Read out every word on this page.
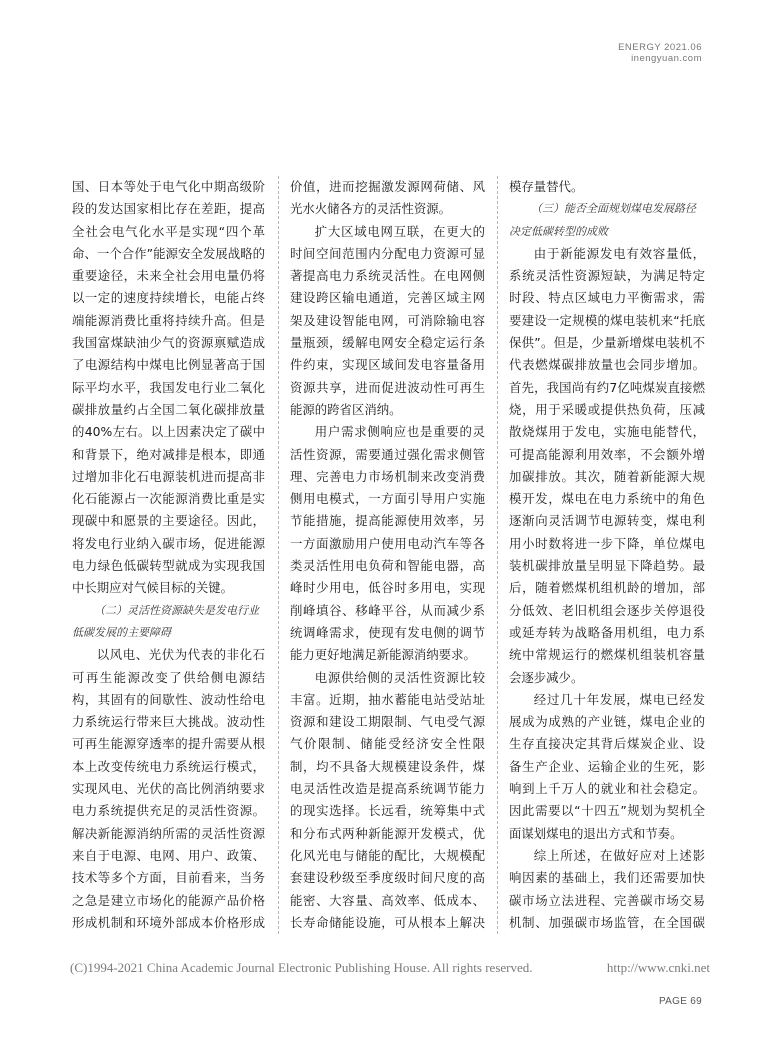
ENERGY 2021.06
inengyuan.com

国、日本等处于电气化中期高级阶段的发达国家相比存在差距，提高全社会电气化水平是实现“四个革命、一个合作”能源安全发展战略的重要途径，未来全社会用电量仍将以一定的速度持续增长，电能占终端能源消费比重将持续升高。但是我国富煤缺油少气的资源禀赋造成了电源结构中煤电比例显著高于国际平均水平，我国发电行业二氧化碳排放量约占全国二氧化碳排放量的40%左右。以上因素决定了碳中和背景下，绝对减排是根本，即通过增加非化石电源装机进而提高非化石能源占一次能源消费比重是实现碳中和愿景的主要途径。因此，将发电行业纳入碳市场，促进能源电力绿色低碳转型就成为实现我国中长期应对气候目标的关键。

（二）灵活性资源缺失是发电行业低碳发展的主要障碍

以风电、光伏为代表的非化石可再生能源改变了供给侧电源结构，其固有的间歇性、波动性给电力系统运行带来巨大挑战。波动性可再生能源穿透率的提升需要从根本上改变传统电力系统运行模式，实现风电、光伏的高比例消纳要求电力系统提供充足的灵活性资源。解决新能源消纳所需的灵活性资源来自于电源、电网、用户、政策、技术等多个方面，目前看来，当务之急是建立市场化的能源产品价格形成机制和环境外部成本价格形成

价值，进而挖掘激发源网荷储、风光水火储各方的灵活性资源。

扩大区域电网互联，在更大的时间空间范围内分配电力资源可显著提高电力系统灵活性。在电网侧建设跨区输电通道，完善区域主网架及建设智能电网，可消除输电容量瓶颈，缓解电网安全稳定运行条件约束，实现区域间发电容量备用资源共享，进而促进波动性可再生能源的跨省区消纳。

用户需求侧响应也是重要的灵活性资源，需要通过强化需求侧管理、完善电力市场机制来改变消费侧用电模式，一方面引导用户实施节能措施，提高能源使用效率，另一方面激励用户使用电动汽车等各类灵活性用电负荷和智能电器，高峰时少用电，低谷时多用电，实现削峰填谷、移峰平谷，从而减少系统调峰需求，使现有发电侧的调节能力更好地满足新能源消纳要求。

电源供给侧的灵活性资源比较丰富。近期，抽水蓄能电站受站址资源和建设工期限制、气电受气源气价限制、储能受经济安全性限制，均不具备大规模建设条件，煤电灵活性改造是提高系统调节能力的现实选择。长远看，统筹集中式和分布式两种新能源开发模式，优化风光电与储能的配比，大规模配套建设秒级至季度级时间尺度的高能密、大容量、高效率、低成本、长寿命储能设施，可从根本上解决

模存量替代。

（三）能否全面规划煤电发展路径决定低碳转型的成败

由于新能源发电有效容量低，系统灵活性资源短缺，为满足特定时段、特点区域电力平衡需求，需要建设一定规模的煤电装机来“托底保供”。但是，少量新增煤电装机不代表燃煤碳排放量也会同步增加。首先，我国尚有约7亿吨煤炭直接燃烧，用于采暖或提供热负荷，压减散烧煤用于发电，实施电能替代，可提高能源利用效率，不会额外增加碳排放。其次，随着新能源大规模开发，煤电在电力系统中的角色逐渐向灵活调节电源转变，煤电利用小时数将进一步下降，单位煤电装机碳排放量呈明显下降趋势。最后，随着燃煤机组机龄的增加，部分低效、老旧机组会逐步关停退役或延寿转为战略备用机组，电力系统中常规运行的燃煤机组装机容量会逐步减少。

经过几十年发展，煤电已经发展成为成熟的产业链，煤电企业的生存直接决定其背后煤炭企业、设备生产企业、运输企业的生死，影响到上千万人的就业和社会稳定。因此需要以“十四五”规划为契机全面谋划煤电的退出方式和节奏。

综上所述，在做好应对上述影响因素的基础上，我们还需要加快碳市场立法进程、完善碳市场交易机制、加强碳市场监管，在全国碳

(C)1994-2021 China Academic Journal Electronic Publishing House. All rights reserved.	http://www.cnki.net
PAGE 69
